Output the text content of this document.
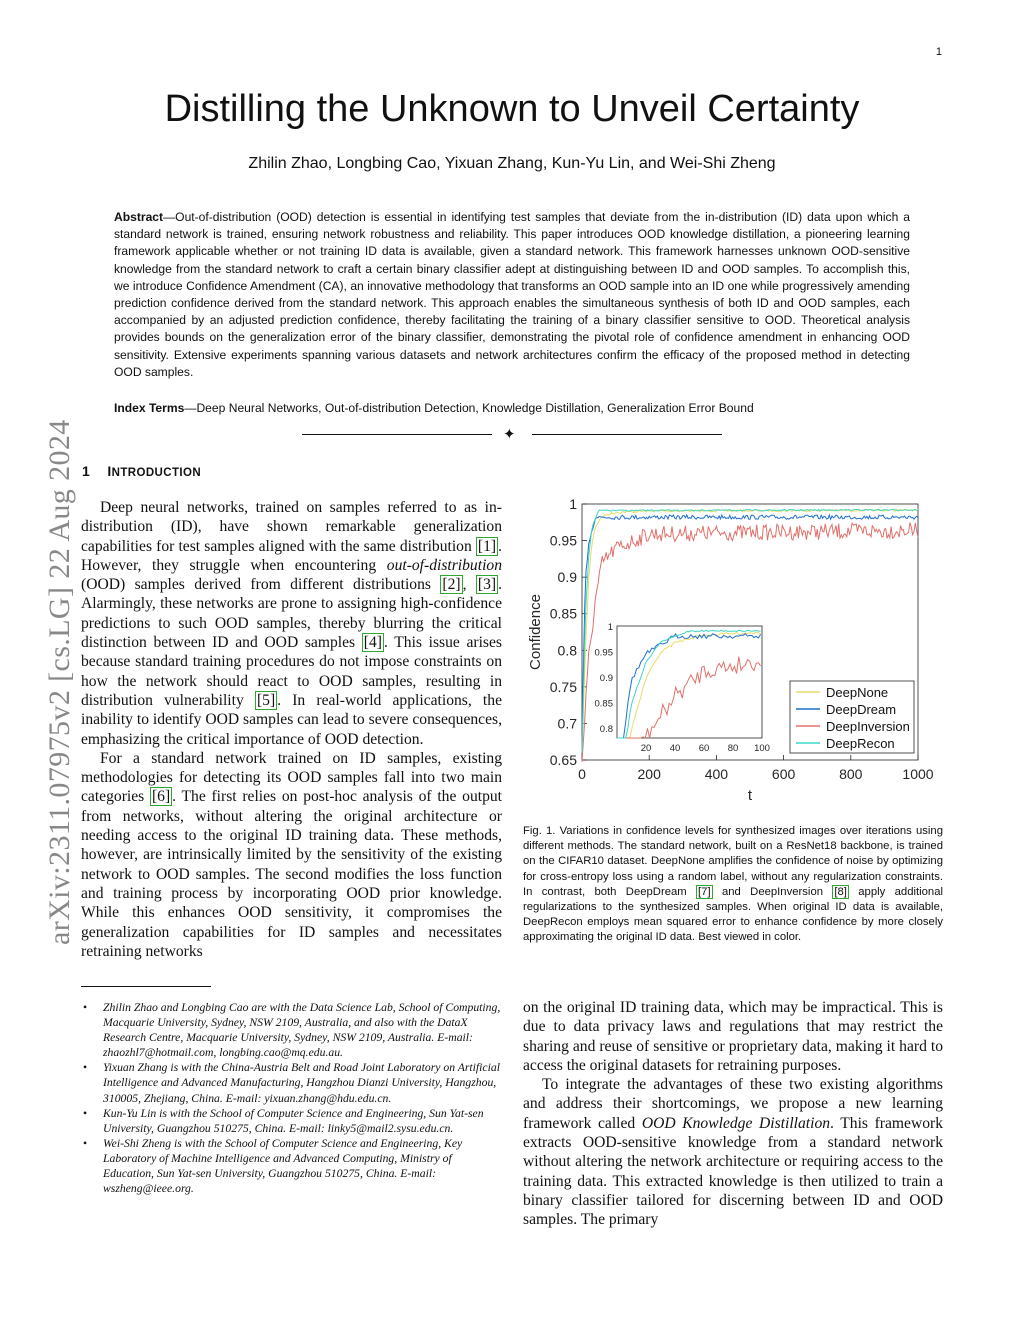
1
arXiv:2311.07975v2 [cs.LG] 22 Aug 2024
Distilling the Unknown to Unveil Certainty
Zhilin Zhao, Longbing Cao, Yixuan Zhang, Kun-Yu Lin, and Wei-Shi Zheng
Abstract—Out-of-distribution (OOD) detection is essential in identifying test samples that deviate from the in-distribution (ID) data upon which a standard network is trained, ensuring network robustness and reliability. This paper introduces OOD knowledge distillation, a pioneering learning framework applicable whether or not training ID data is available, given a standard network. This framework harnesses unknown OOD-sensitive knowledge from the standard network to craft a certain binary classifier adept at distinguishing between ID and OOD samples. To accomplish this, we introduce Confidence Amendment (CA), an innovative methodology that transforms an OOD sample into an ID one while progressively amending prediction confidence derived from the standard network. This approach enables the simultaneous synthesis of both ID and OOD samples, each accompanied by an adjusted prediction confidence, thereby facilitating the training of a binary classifier sensitive to OOD. Theoretical analysis provides bounds on the generalization error of the binary classifier, demonstrating the pivotal role of confidence amendment in enhancing OOD sensitivity. Extensive experiments spanning various datasets and network architectures confirm the efficacy of the proposed method in detecting OOD samples.
Index Terms—Deep Neural Networks, Out-of-distribution Detection, Knowledge Distillation, Generalization Error Bound
✦
1 INTRODUCTION

Deep neural networks, trained on samples referred to as in-distribution (ID), have shown remarkable generalization capabilities for test samples aligned with the same distribution [1] . However, they struggle when encountering out-of-distribution (OOD) samples derived from different distributions [2] , [3] . Alarmingly, these networks are prone to assigning high-confidence predictions to such OOD samples, thereby blurring the critical distinction between ID and OOD samples [4] . This issue arises because standard training procedures do not impose constraints on how the network should react to OOD samples, resulting in distribution vulnerability [5] . In real-world applications, the inability to identify OOD samples can lead to severe consequences, emphasizing the critical importance of OOD detection.

For a standard network trained on ID samples, existing methodologies for detecting its OOD samples fall into two main categories [6] . The first relies on post-hoc analysis of the output from networks, without altering the original architecture or needing access to the original ID training data. These methods, however, are intrinsically limited by the sensitivity of the existing network to OOD samples. The second modifies the loss function and training process by incorporating OOD prior knowledge. While this enhances OOD sensitivity, it compromises the generalization capabilities for ID samples and necessitates retraining networks

• Zhilin Zhao and Longbing Cao are with the Data Science Lab, School of Computing, Macquarie University, Sydney, NSW 2109, Australia, and also with the DataX Research Centre, Macquarie University, Sydney, NSW 2109, Australia. E-mail: zhaozhl7@hotmail.com, longbing.cao@mq.edu.au.

• Yixuan Zhang is with the China-Austria Belt and Road Joint Laboratory on Artificial Intelligence and Advanced Manufacturing, Hangzhou Dianzi University, Hangzhou, 310005, Zhejiang, China. E-mail: yixuan.zhang@hdu.edu.cn.

• Kun-Yu Lin is with the School of Computer Science and Engineering, Sun Yat-sen University, Guangzhou 510275, China. E-mail: linky5@mail2.sysu.edu.cn.

• Wei-Shi Zheng is with the School of Computer Science and Engineering, Key Laboratory of Machine Intelligence and Advanced Computing, Ministry of Education, Sun Yat-sen University, Guangzhou 510275, China. E-mail: wszheng@ieee.org.

0.65
0.7
0.75
0.8
0.85
0.9
0.95
1
0	200	400	600	800	1000
t
Confidence
0.8
0.85
0.9
0.95
1
20 40 60 80 100
DeepNone
DeepDream
DeepInversion
DeepRecon
Fig. 1. Variations in confidence levels for synthesized images over iterations using different methods. The standard network, built on a ResNet18 backbone, is trained on the CIFAR10 dataset. DeepNone amplifies the confidence of noise by optimizing for cross-entropy loss using a random label, without any regularization constraints. In contrast, both DeepDream [7] and DeepInversion [8] apply additional regularizations to the synthesized samples. When original ID data is available, DeepRecon employs mean squared error to enhance confidence by more closely approximating the original ID data. Best viewed in color.

on the original ID training data, which may be impractical. This is due to data privacy laws and regulations that may restrict the sharing and reuse of sensitive or proprietary data, making it hard to access the original datasets for retraining purposes.

To integrate the advantages of these two existing algorithms and address their shortcomings, we propose a new learning framework called OOD Knowledge Distillation. This framework extracts OOD-sensitive knowledge from a standard network without altering the network architecture or requiring access to the training data. This extracted knowledge is then utilized to train a binary classifier tailored for discerning between ID and OOD samples. The primary
